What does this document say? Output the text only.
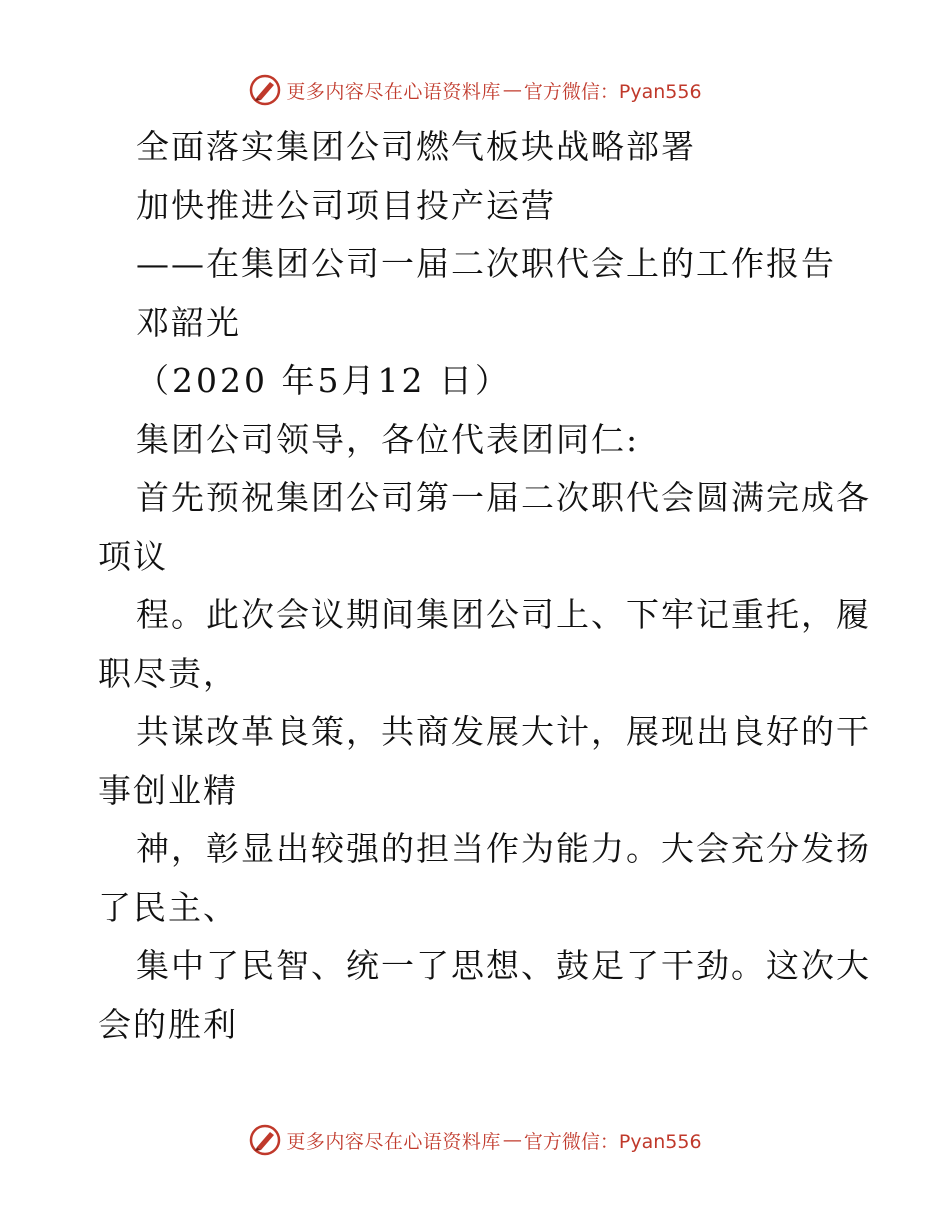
更多内容尽在心语资料库 — 官方微信：Pyan556
全面落实集团公司燃气板块战略部署
加快推进公司项目投产运营
——在集团公司一届二次职代会上的工作报告
邓韶光
（2020 年5月12 日）
集团公司领导，各位代表团同仁:
首先预祝集团公司第一届二次职代会圆满完成各
项议
程。此次会议期间集团公司上、下牢记重托，履
职尽责，
共谋改革良策，共商发展大计，展现出良好的干
事创业精
神，彰显出较强的担当作为能力。大会充分发扬
了民主、
集中了民智、统一了思想、鼓足了干劲。这次大
会的胜利
更多内容尽在心语资料库 — 官方微信：Pyan556
